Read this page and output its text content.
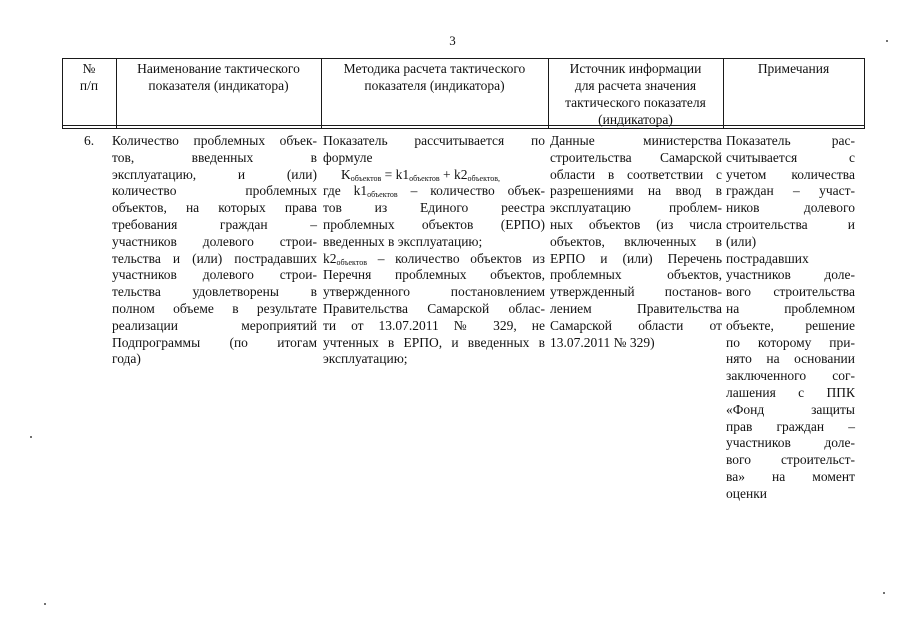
3
№
п/п
Наименование тактического
показателя (индикатора)
Методика расчета тактического
показателя (индикатора)
Источник информации
для расчета значения
тактического показателя
(индикатора)
Примечания
6.	Количество проблемных объек-
тов, введенных в
эксплуатацию, и (или)
количество проблемных
объектов, на которых права
требования граждан –
участников долевого строи-
тельства и (или) пострадавших
участников долевого строи-
тельства удовлетворены в
полном объеме в результате
реализации мероприятий
Подпрограммы (по итогам
года)
Показатель рассчитывается по
формуле
$K_{объектов} = k1_{объектов} + k2_{объектов,}$
где $k1_{объектов}$ – количество объек-
тов из Единого реестра
проблемных объектов (ЕРПО)
введенных в эксплуатацию;
$k2_{объектов}$ – количество объектов из
Перечня проблемных объектов,
утвержденного постановлением
Правительства Самарской облас-
ти от 13.07.2011 № 329, не
учтенных в ЕРПО, и введенных в
эксплуатацию;
Данные министерства
строительства Самарской
области в соответствии с
разрешениями на ввод в
эксплуатацию проблем-
ных объектов (из числа
объектов, включенных в
ЕРПО и (или) Перечень
проблемных объектов,
утвержденный постанов-
лением Правительства
Самарской области от
13.07.2011 № 329)
Показатель рас-
считывается с
учетом количества
граждан – участ-
ников долевого
строительства и
(или)
пострадавших
участников доле-
вого строительства
на проблемном
объекте, решение
по которому при-
нято на основании
заключенного сог-
лашения с ППК
«Фонд защиты
прав граждан –
участников доле-
вого строительст-
ва» на момент
оценки
